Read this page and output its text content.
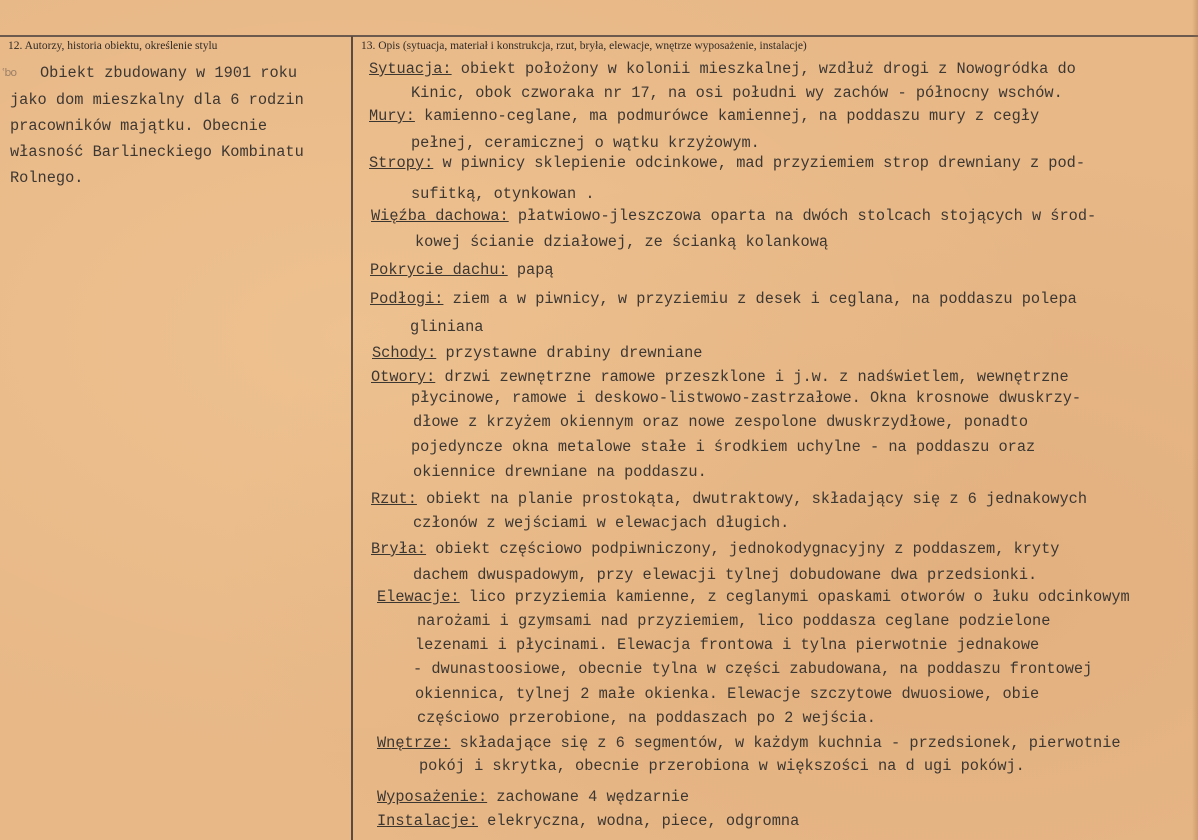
12. Autorzy, historia obiektu, określenie stylu	13. Opis (sytuacja, materiał i konstrukcja, rzut, bryła, elewacje, wnętrze wyposażenie, instalacje)
ʿbo Obiekt zbudowany w 1901 roku

jako dom mieszkalny dla 6 rodzin

pracowników majątku. Obecnie

własność Barlineckiego Kombinatu

Rolnego.

Sytuacja: obiekt położony w kolonii mieszkalnej, wzdłuż drogi z Nowogródka do

Kinic, obok czworaka nr 17, na osi południ wy zachów - północny wschów.

Mury: kamienno-ceglane, ma podmurówce kamiennej, na poddaszu mury z cegły

pełnej, ceramicznej o wątku krzyżowym.

Stropy: w piwnicy sklepienie odcinkowe, mad przyziemiem strop drewniany z pod-

sufitką, otynkowan .

Więźba dachowa: płatwiowo-jleszczowa oparta na dwóch stolcach stojących w środ-

kowej ścianie działowej, ze ścianką kolankową

Pokrycie dachu: papą

Podłogi: ziem a w piwnicy, w przyziemiu z desek i ceglana, na poddaszu polepa

gliniana

Schody: przystawne drabiny drewniane

Otwory: drzwi zewnętrzne ramowe przeszklone i j.w. z nadświetlem, wewnętrzne

płycinowe, ramowe i deskowo-listwowo-zastrzałowe. Okna krosnowe dwuskrzy-

dłowe z krzyżem okiennym oraz nowe zespolone dwuskrzydłowe, ponadto

pojedyncze okna metalowe stałe i środkiem uchylne - na poddaszu oraz

okiennice drewniane na poddaszu.

Rzut: obiekt na planie prostokąta, dwutraktowy, składający się z 6 jednakowych

członów z wejściami w elewacjach długich.

Bryła: obiekt częściowo podpiwniczony, jednokodygnacyjny z poddaszem, kryty

dachem dwuspadowym, przy elewacji tylnej dobudowane dwa przedsionki.

Elewacje: lico przyziemia kamienne, z ceglanymi opaskami otworów o łuku odcinkowym

narożami i gzymsami nad przyziemiem, lico poddasza ceglane podzielone

lezenami i płycinami. Elewacja frontowa i tylna pierwotnie jednakowe

- dwunastoosiowe, obecnie tylna w części zabudowana, na poddaszu frontowej

okiennica, tylnej 2 małe okienka. Elewacje szczytowe dwuosiowe, obie

częściowo przerobione, na poddaszach po 2 wejścia.

Wnętrze: składające się z 6 segmentów, w każdym kuchnia - przedsionek, pierwotnie

pokój i skrytka, obecnie przerobiona w większości na d ugi pokówj.

Wyposażenie: zachowane 4 wędzarnie

Instalacje: elekryczna, wodna, piece, odgromna
